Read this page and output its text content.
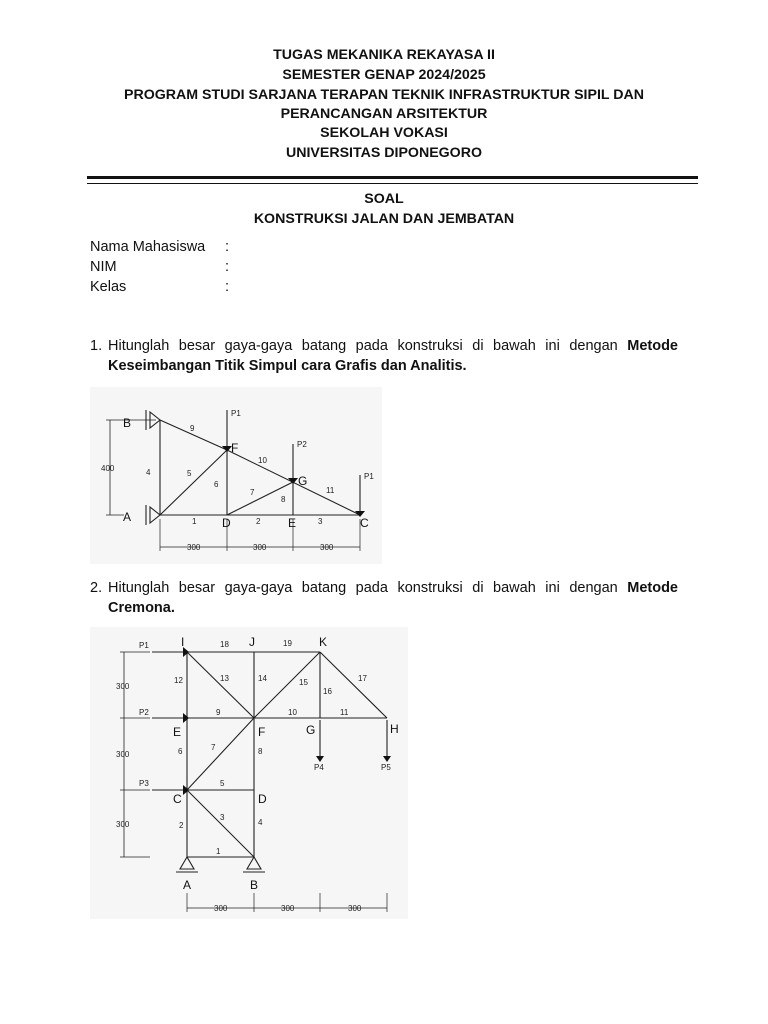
TUGAS MEKANIKA REKAYASA II
SEMESTER GENAP 2024/2025
PROGRAM STUDI SARJANA TERAPAN TEKNIK INFRASTRUKTUR SIPIL DAN
PERANCANGAN ARSITEKTUR
SEKOLAH VOKASI
UNIVERSITAS DIPONEGORO
SOAL
KONSTRUKSI JALAN DAN JEMBATAN
Nama Mahasiswa :
NIM	:
Kelas	:
1. Hitunglah besar gaya-gaya batang pada konstruksi di bawah ini dengan Metode Keseimbangan Titik Simpul cara Grafis dan Analitis.
B
A
F
G
C
D	E
1	2	3
4	5
6
7
8
9
10
11
P1
P2
P1
400
300	300	300
2. Hitunglah besar gaya-gaya batang pada konstruksi di bawah ini dengan Metode Cremona.
I	J	K
E	F	G	H
C	D
A	B
1
2
3
4
5
6	7	8
9	10	11
12	13	14	15
16
17
18	19
P1
P2
P3
P4	P5
300
300
300
300	300	300
